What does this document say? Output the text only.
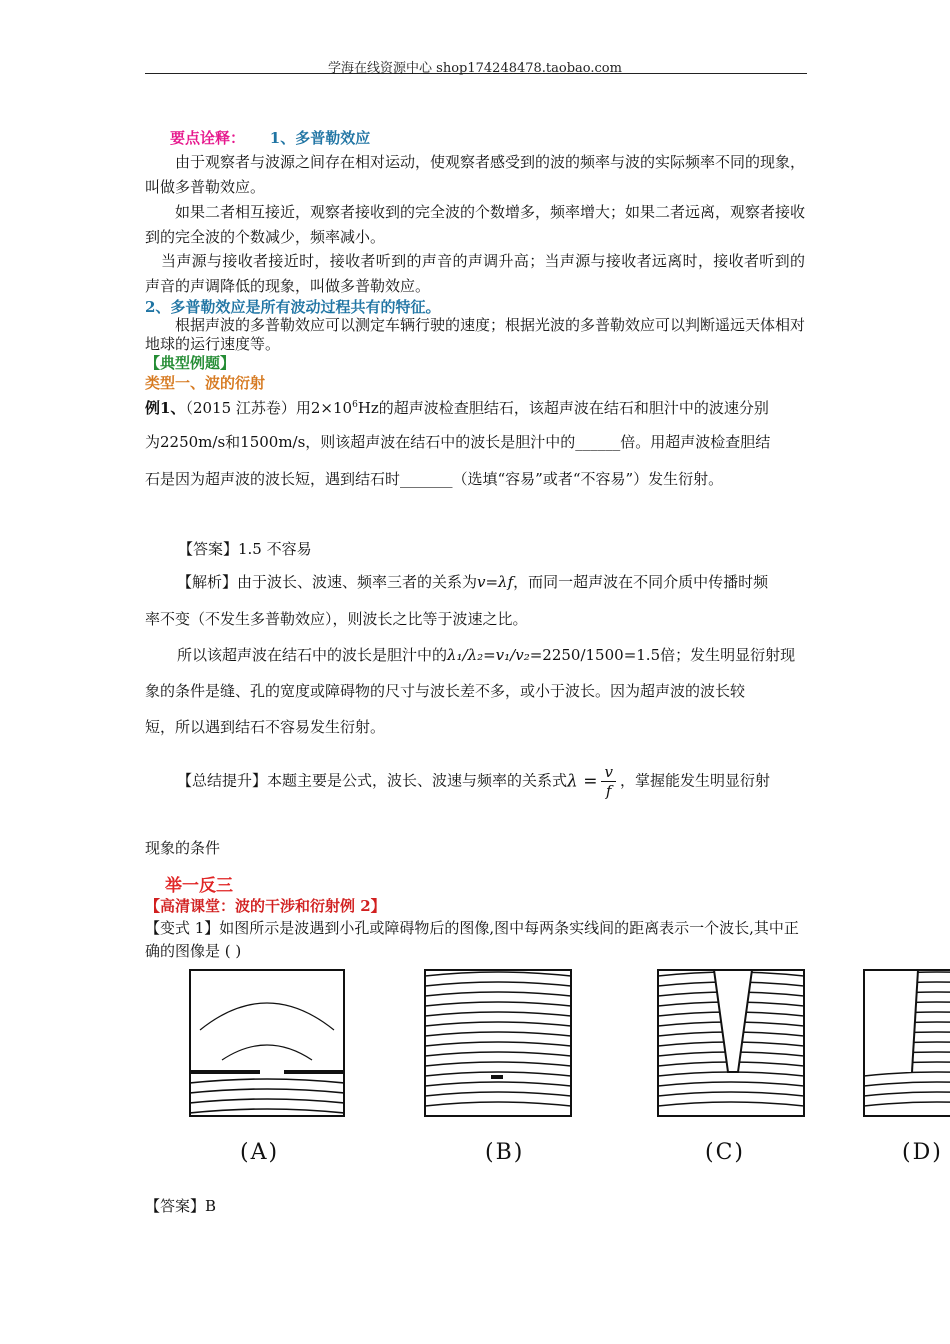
学海在线资源中心 shop174248478.taobao.com
要点诠释： 1、多普勒效应
由于观察者与波源之间存在相对运动，使观察者感受到的波的频率与波的实际频率不同的现象，叫做多普勒效应。
如果二者相互接近，观察者接收到的完全波的个数增多，频率增大；如果二者远离，观察者接收到的完全波的个数减少，频率减小。
当声源与接收者接近时，接收者听到的声音的声调升高；当声源与接收者远离时，接收者听到的声音的声调降低的现象，叫做多普勒效应。
2、多普勒效应是所有波动过程共有的特征。
根据声波的多普勒效应可以测定车辆行驶的速度；根据光波的多普勒效应可以判断遥远天体相对地球的运行速度等。
【典型例题】
类型一、波的衍射
例1、（2015 江苏卷）用$2\times 10^6Hz$的超声波检查胆结石，该超声波在结石和胆汁中的波速分别
为2250m/s和1500m/s，则该超声波在结石中的波长是胆汁中的______倍。用超声波检查胆结
石是因为超声波的波长短，遇到结石时_______（选填“容易”或者“不容易”）发生衍射。
【答案】1.5 不容易
【解析】由于波长、波速、频率三者的关系为v=λf，而同一超声波在不同介质中传播时频
率不变（不发生多普勒效应），则波长之比等于波速之比。
所以该超声波在结石中的波长是胆汁中的λ₁/λ₂=v₁/v₂=2250/1500=1.5倍；发生明显衍射现
象的条件是缝、孔的宽度或障碍物的尺寸与波长差不多，或小于波长。因为超声波的波长较
短，所以遇到结石不容易发生衍射。
【总结提升】本题主要是公式，波长、波速与频率的关系式$\lambda = \frac{v}{f}$ ，掌握能发生明显衍射
现象的条件
举一反三
【高清课堂：波的干涉和衍射例 2】
【变式 1】如图所示是波遇到小孔或障碍物后的图像,图中每两条实线间的距离表示一个波长,其中正确的图像是 ( )
(A)	(B)	(C)	(D)
【答案】B
